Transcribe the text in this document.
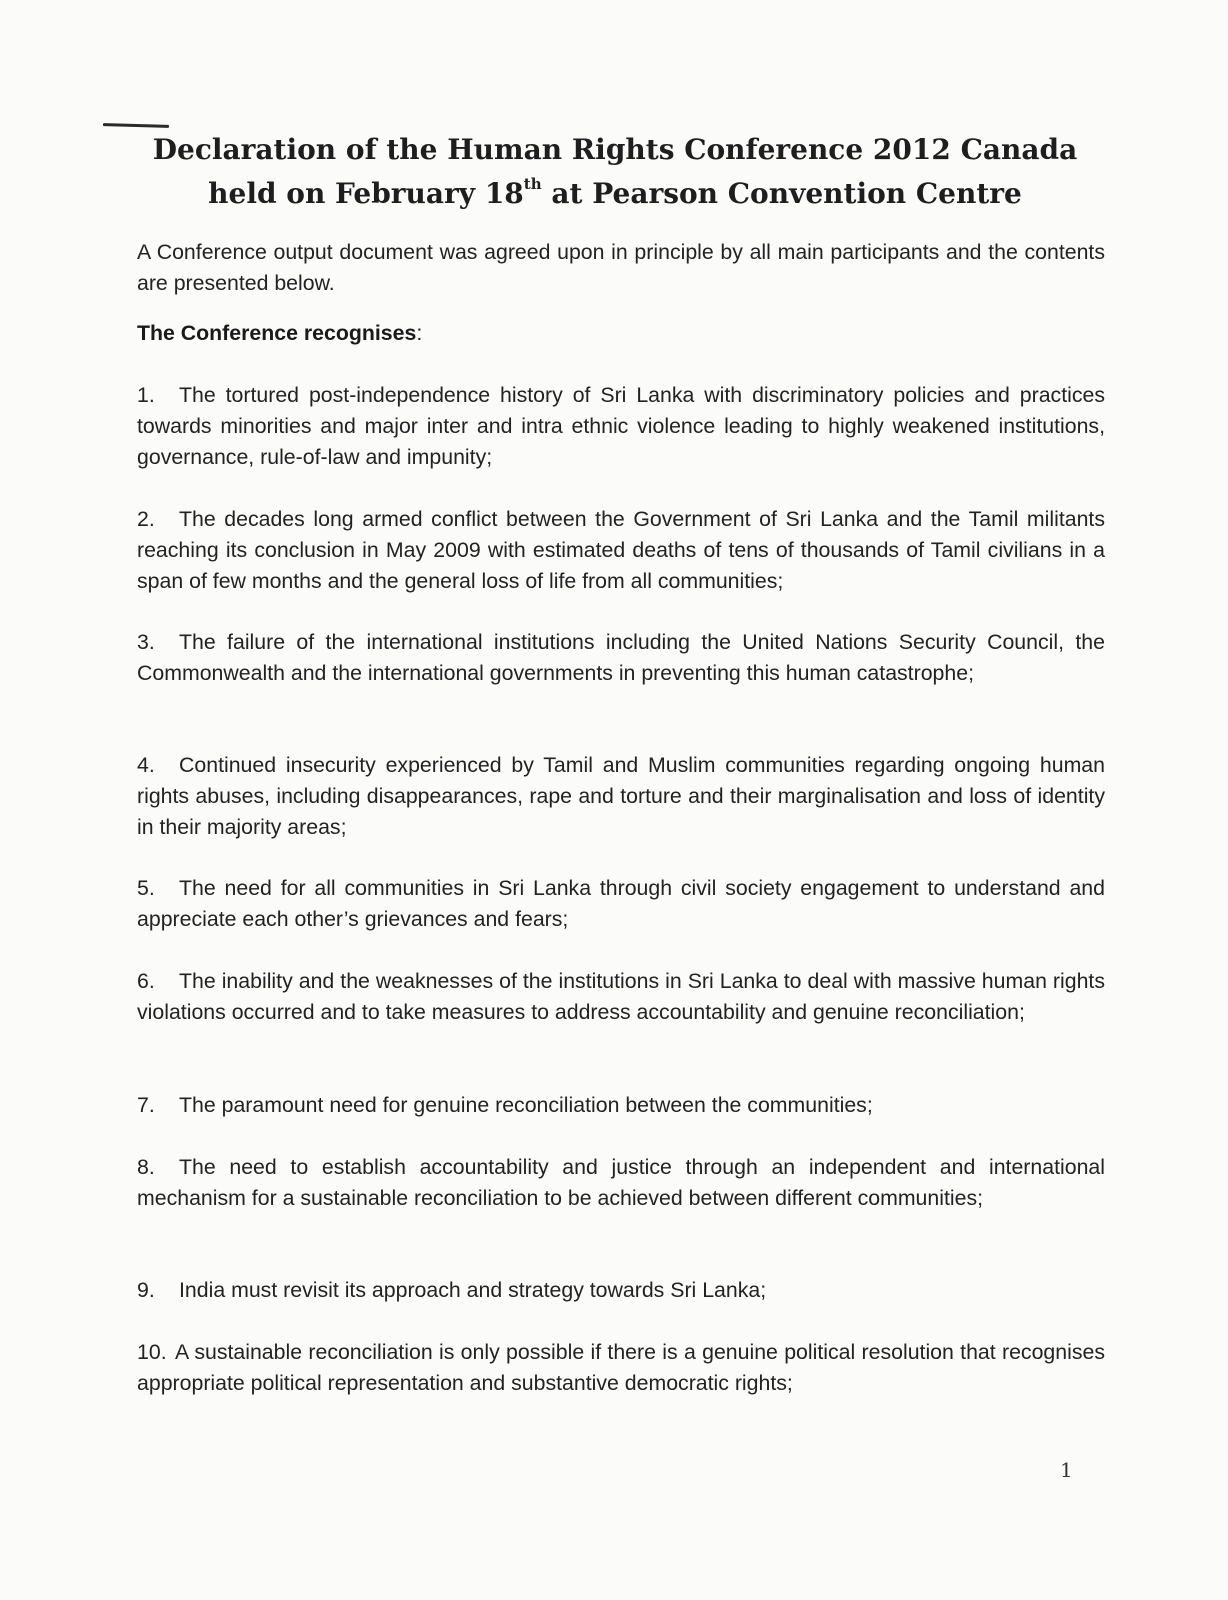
Declaration of the Human Rights Conference 2012 Canada
held on February 18th at Pearson Convention Centre

A Conference output document was agreed upon in principle by all main participants and the contents are presented below.

The Conference recognises:

1. The tortured post-independence history of Sri Lanka with discriminatory policies and practices towards minorities and major inter and intra ethnic violence leading to highly weakened institutions, governance, rule-of-law and impunity;

2. The decades long armed conflict between the Government of Sri Lanka and the Tamil militants reaching its conclusion in May 2009 with estimated deaths of tens of thousands of Tamil civilians in a span of few months and the general loss of life from all communities;

3. The failure of the international institutions including the United Nations Security Council, the Commonwealth and the international governments in preventing this human catastrophe;

4. Continued insecurity experienced by Tamil and Muslim communities regarding ongoing human rights abuses, including disappearances, rape and torture and their marginalisation and loss of identity in their majority areas;

5. The need for all communities in Sri Lanka through civil society engagement to understand and appreciate each other’s grievances and fears;

6. The inability and the weaknesses of the institutions in Sri Lanka to deal with massive human rights violations occurred and to take measures to address accountability and genuine reconciliation;

7. The paramount need for genuine reconciliation between the communities;

8. The need to establish accountability and justice through an independent and international mechanism for a sustainable reconciliation to be achieved between different communities;

9. India must revisit its approach and strategy towards Sri Lanka;

10. A sustainable reconciliation is only possible if there is a genuine political resolution that recognises appropriate political representation and substantive democratic rights;

1
